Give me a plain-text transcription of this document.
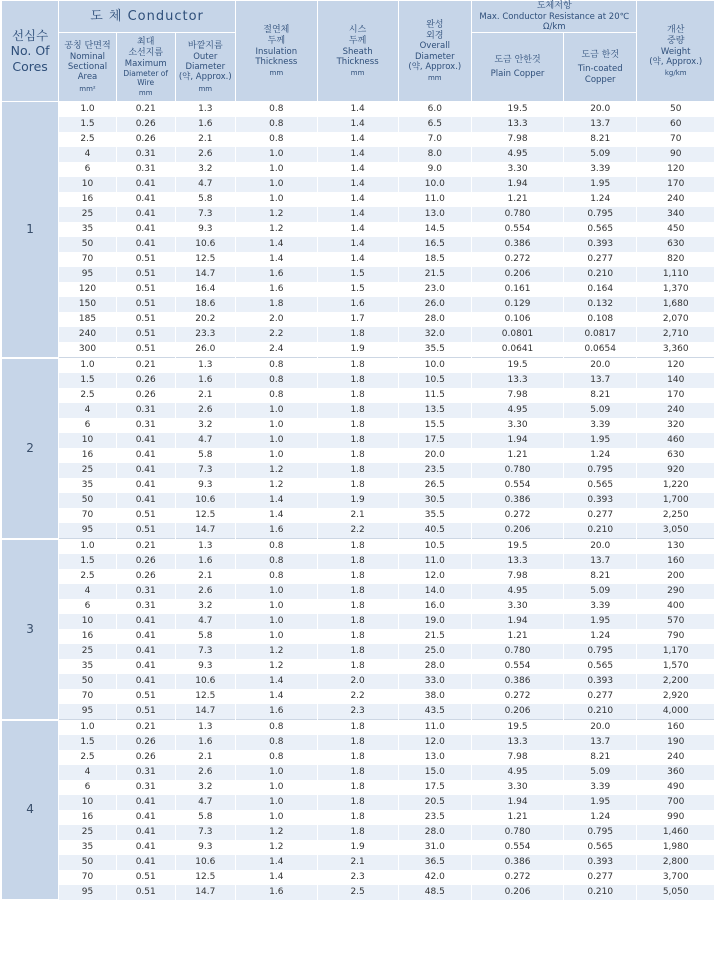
선심수
No. Of
Cores	도 체 Conductor			절연체
두께
Insulation
Thickness
mm	시스
두께
Sheath
Thickness
mm	완성
외경
Overall Diameter
(약, Approx.)
mm	도체저항
Max. Conductor Resistance at 20℃
Ω/km		개산
중량
Weight
(약, Approx.)
kg/km

	공칭 단면적
Nominal
Sectional
Area
mm²	최대
소선지름
Maximum
Diameter of Wire
mm	바깥지름
Outer
Diameter
(약, Approx.)
mm				도금 안한것
Plain Copper	도금 한것
Tin-coated Copper	

1	1.0	0.21	1.3	0.8	1.4	6.0	19.5	20.0	50
	1.5	0.26	1.6	0.8	1.4	6.5	13.3	13.7	60
	2.5	0.26	2.1	0.8	1.4	7.0	7.98	8.21	70
	4	0.31	2.6	1.0	1.4	8.0	4.95	5.09	90
	6	0.31	3.2	1.0	1.4	9.0	3.30	3.39	120
	10	0.41	4.7	1.0	1.4	10.0	1.94	1.95	170
	16	0.41	5.8	1.0	1.4	11.0	1.21	1.24	240
	25	0.41	7.3	1.2	1.4	13.0	0.780	0.795	340
	35	0.41	9.3	1.2	1.4	14.5	0.554	0.565	450
	50	0.41	10.6	1.4	1.4	16.5	0.386	0.393	630
	70	0.51	12.5	1.4	1.4	18.5	0.272	0.277	820
	95	0.51	14.7	1.6	1.5	21.5	0.206	0.210	1,110
	120	0.51	16.4	1.6	1.5	23.0	0.161	0.164	1,370
	150	0.51	18.6	1.8	1.6	26.0	0.129	0.132	1,680
	185	0.51	20.2	2.0	1.7	28.0	0.106	0.108	2,070
	240	0.51	23.3	2.2	1.8	32.0	0.0801	0.0817	2,710
	300	0.51	26.0	2.4	1.9	35.5	0.0641	0.0654	3,360
2	1.0	0.21	1.3	0.8	1.8	10.0	19.5	20.0	120
	1.5	0.26	1.6	0.8	1.8	10.5	13.3	13.7	140
	2.5	0.26	2.1	0.8	1.8	11.5	7.98	8.21	170
	4	0.31	2.6	1.0	1.8	13.5	4.95	5.09	240
	6	0.31	3.2	1.0	1.8	15.5	3.30	3.39	320
	10	0.41	4.7	1.0	1.8	17.5	1.94	1.95	460
	16	0.41	5.8	1.0	1.8	20.0	1.21	1.24	630
	25	0.41	7.3	1.2	1.8	23.5	0.780	0.795	920
	35	0.41	9.3	1.2	1.8	26.5	0.554	0.565	1,220
	50	0.41	10.6	1.4	1.9	30.5	0.386	0.393	1,700
	70	0.51	12.5	1.4	2.1	35.5	0.272	0.277	2,250
	95	0.51	14.7	1.6	2.2	40.5	0.206	0.210	3,050
3	1.0	0.21	1.3	0.8	1.8	10.5	19.5	20.0	130
	1.5	0.26	1.6	0.8	1.8	11.0	13.3	13.7	160
	2.5	0.26	2.1	0.8	1.8	12.0	7.98	8.21	200
	4	0.31	2.6	1.0	1.8	14.0	4.95	5.09	290
	6	0.31	3.2	1.0	1.8	16.0	3.30	3.39	400
	10	0.41	4.7	1.0	1.8	19.0	1.94	1.95	570
	16	0.41	5.8	1.0	1.8	21.5	1.21	1.24	790
	25	0.41	7.3	1.2	1.8	25.0	0.780	0.795	1,170
	35	0.41	9.3	1.2	1.8	28.0	0.554	0.565	1,570
	50	0.41	10.6	1.4	2.0	33.0	0.386	0.393	2,200
	70	0.51	12.5	1.4	2.2	38.0	0.272	0.277	2,920
	95	0.51	14.7	1.6	2.3	43.5	0.206	0.210	4,000
4	1.0	0.21	1.3	0.8	1.8	11.0	19.5	20.0	160
	1.5	0.26	1.6	0.8	1.8	12.0	13.3	13.7	190
	2.5	0.26	2.1	0.8	1.8	13.0	7.98	8.21	240
	4	0.31	2.6	1.0	1.8	15.0	4.95	5.09	360
	6	0.31	3.2	1.0	1.8	17.5	3.30	3.39	490
	10	0.41	4.7	1.0	1.8	20.5	1.94	1.95	700
	16	0.41	5.8	1.0	1.8	23.5	1.21	1.24	990
	25	0.41	7.3	1.2	1.8	28.0	0.780	0.795	1,460
	35	0.41	9.3	1.2	1.9	31.0	0.554	0.565	1,980
	50	0.41	10.6	1.4	2.1	36.5	0.386	0.393	2,800
	70	0.51	12.5	1.4	2.3	42.0	0.272	0.277	3,700
	95	0.51	14.7	1.6	2.5	48.5	0.206	0.210	5,050
